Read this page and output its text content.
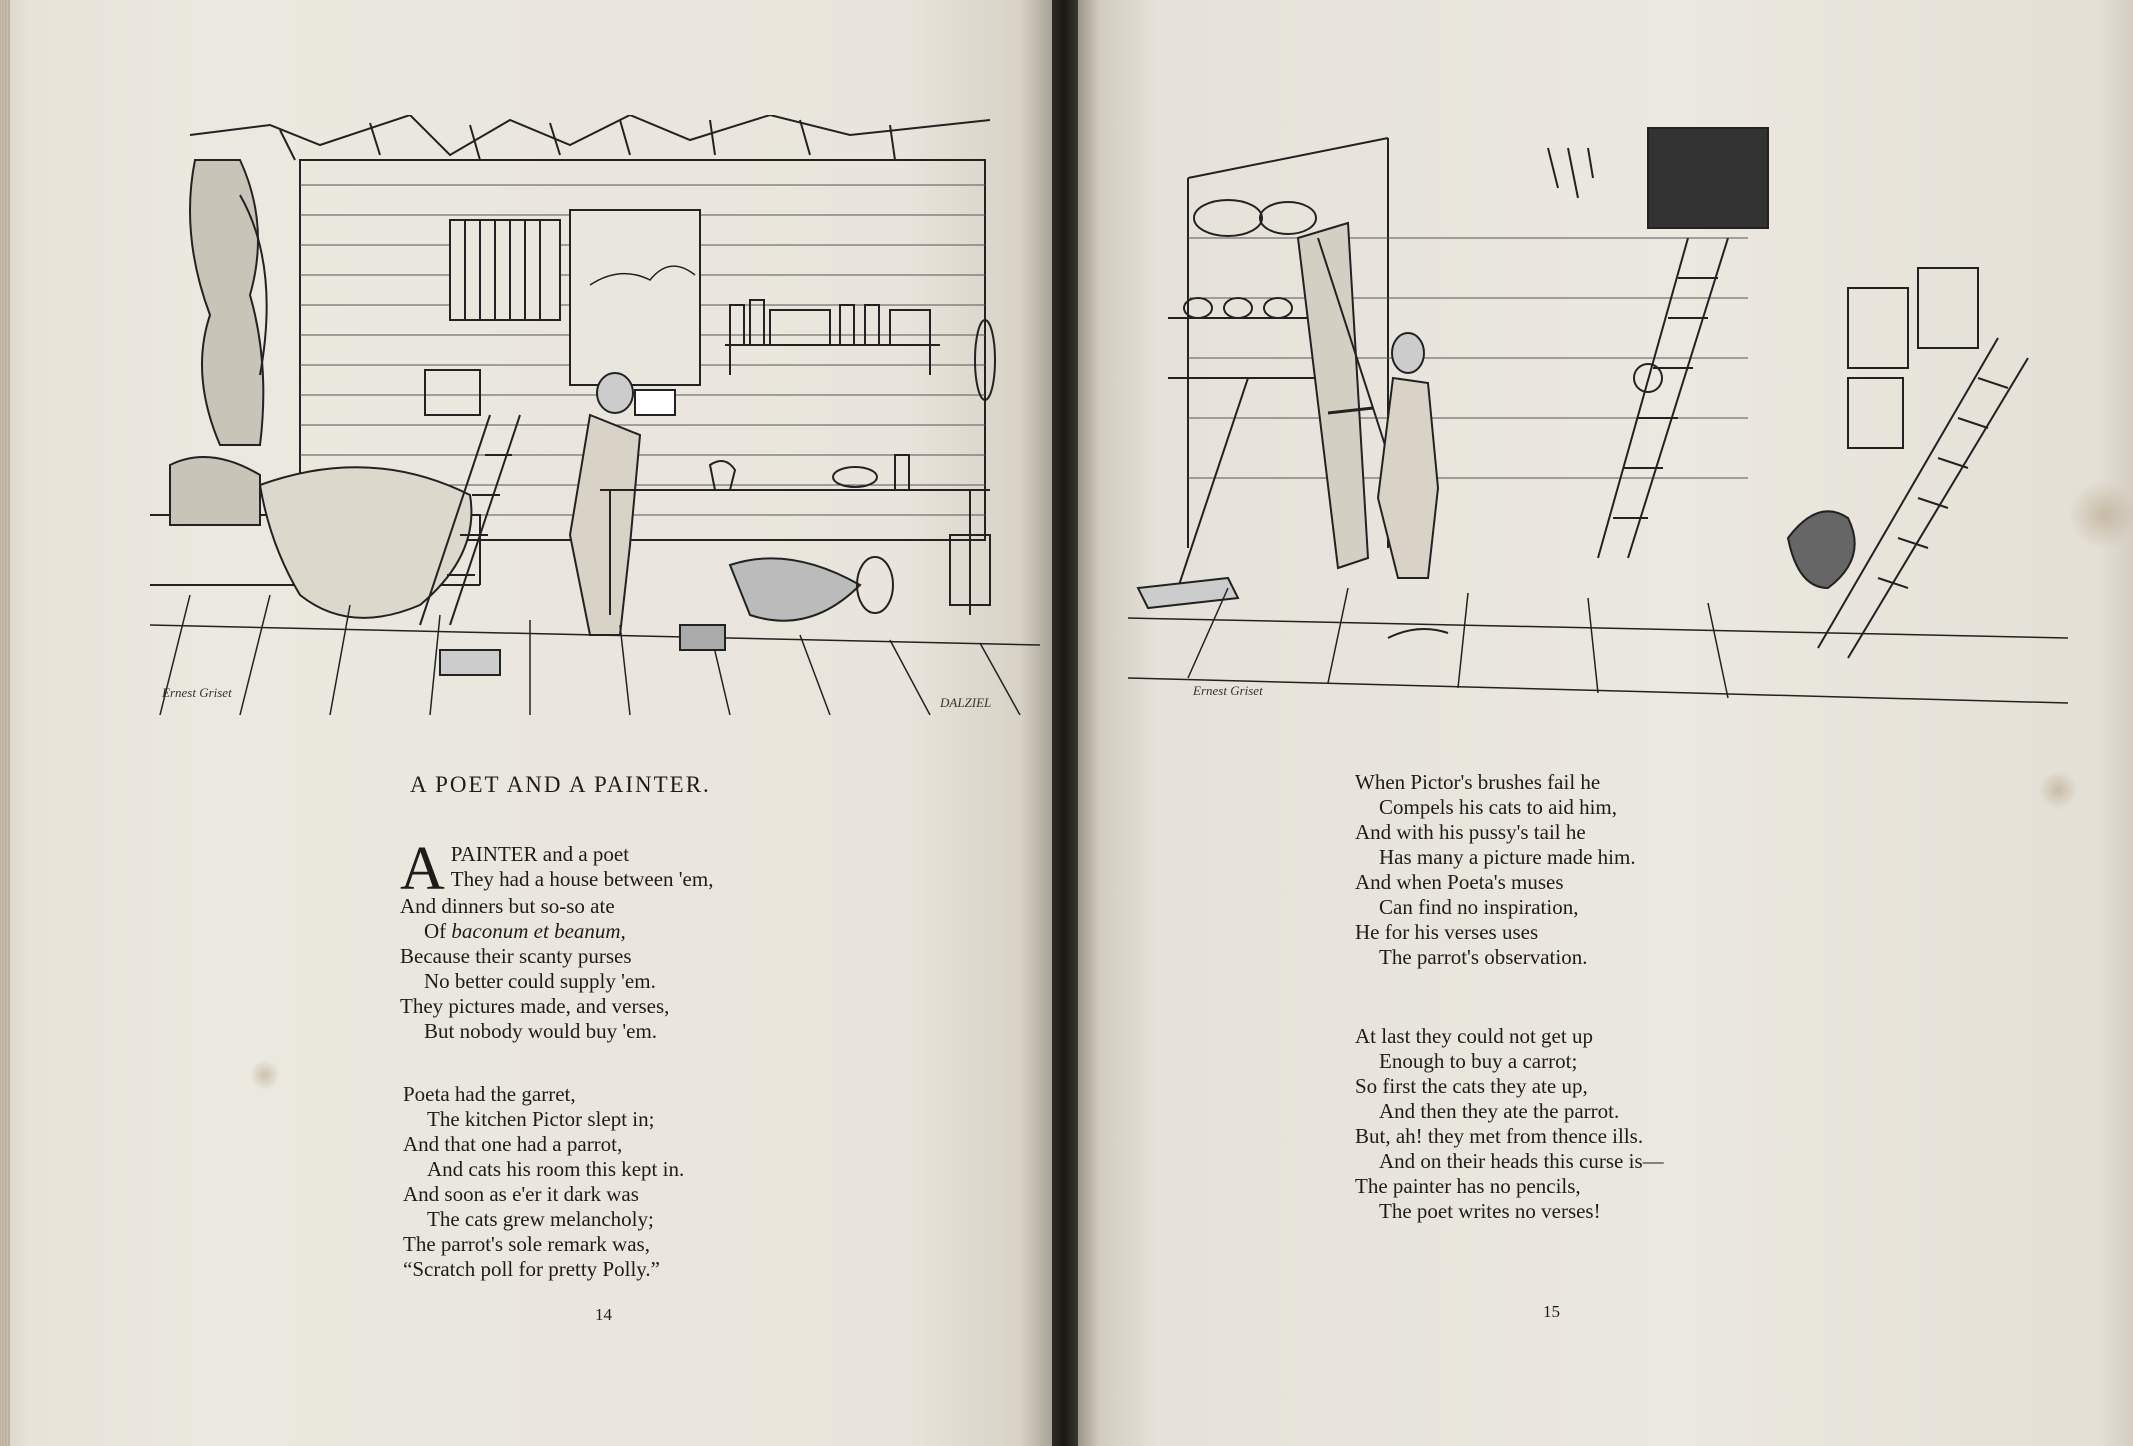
Ernest Griset
DALZIEL
A POET AND A PAINTER.
A PAINTER and a poet
They had a house between 'em,
And dinners but so-so ate
Of baconum et beanum,
Because their scanty purses
No better could supply 'em.
They pictures made, and verses,
But nobody would buy 'em.
Poeta had the garret,
The kitchen Pictor slept in;
And that one had a parrot,
And cats his room this kept in.
And soon as e'er it dark was
The cats grew melancholy;
The parrot's sole remark was,
“Scratch poll for pretty Polly.”
14
Ernest Griset
When Pictor's brushes fail he
Compels his cats to aid him,
And with his pussy's tail he
Has many a picture made him.
And when Poeta's muses
Can find no inspiration,
He for his verses uses
The parrot's observation.
At last they could not get up
Enough to buy a carrot;
So first the cats they ate up,
And then they ate the parrot.
But, ah! they met from thence ills.
And on their heads this curse is—
The painter has no pencils,
The poet writes no verses!
15
